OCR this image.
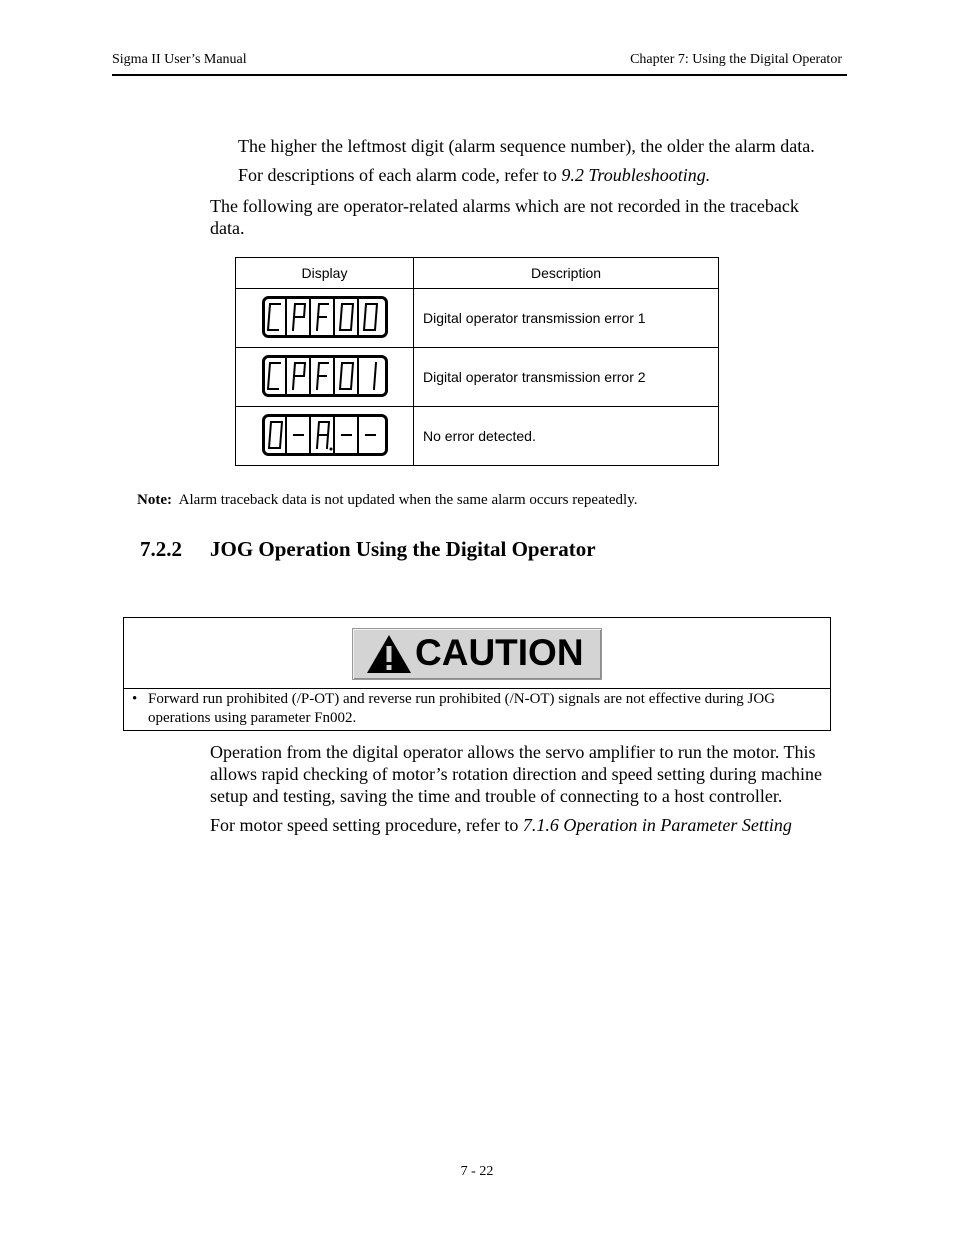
Sigma II User’s Manual	Chapter 7: Using the Digital Operator
The higher the leftmost digit (alarm sequence number), the older the alarm data.
For descriptions of each alarm code, refer to 9.2 Troubleshooting.
The following are operator-related alarms which are not recorded in the traceback
data.
Display	Description
	Digital operator transmission error 1
	Digital operator transmission error 2
	No error detected.
Note: Alarm traceback data is not updated when the same alarm occurs repeatedly.
7.2.2 JOG Operation Using the Digital Operator
CAUTION
• Forward run prohibited (/P-OT) and reverse run prohibited (/N-OT) signals are not effective during JOG
operations using parameter Fn002.
Operation from the digital operator allows the servo amplifier to run the motor. This
allows rapid checking of motor’s rotation direction and speed setting during machine
setup and testing, saving the time and trouble of connecting to a host controller.
For motor speed setting procedure, refer to 7.1.6 Operation in Parameter Setting
7 - 22
